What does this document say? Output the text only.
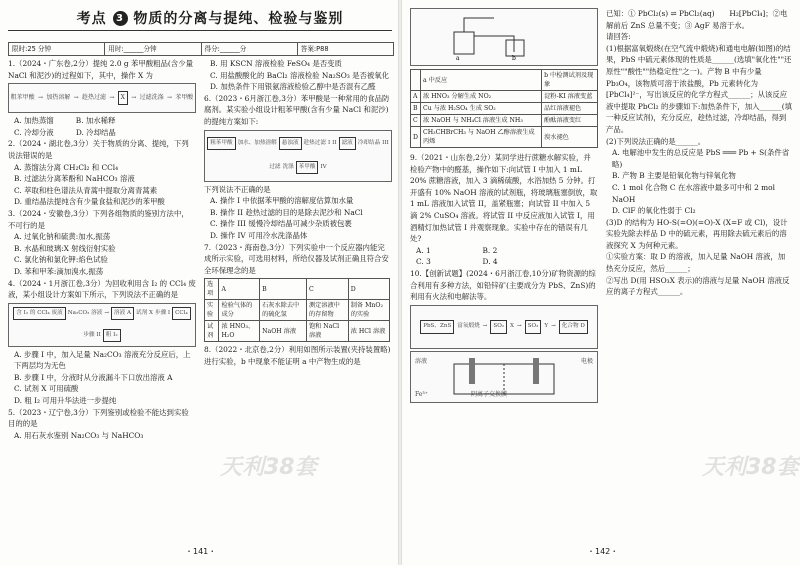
考点 3 物质的分离与提纯、检验与鉴别
限时:25 分钟	用时:______分钟	得分:______分	答案:P88

1.（2024・广东卷,2分）提纯 2.0 g 苯甲酸粗品(含少量 NaCl 和泥沙)的过程如下，其中，操作 X 为

粗苯甲酸 → 加热溶解 → 趁热过滤 →	X	→ 过滤洗涤 → 苯甲酸

A. 加热蒸馏　　　B. 加水稀释

C. 冷却分液　　　D. 冷却结晶

2.（2024・湖北卷,3分）关于物质的分离、提纯，下列说法错误的是

A. 蒸馏法分离 CH₂Cl₂ 和 CCl₄

B. 过滤法分离苯酚和 NaHCO₃ 溶液

C. 萃取和柱色谱法从青蒿中提取分离青蒿素

D. 重结晶法提纯含有少量食盐和泥沙的苯甲酸

3.（2024・安徽卷,3分）下列各组物质的鉴别方法中，不可行的是

A. 过氧化钠和硫黄:加水,振荡

B. 水晶和玻璃:X 射线衍射实验

C. 氯化钠和氯化钾:焰色试验

D. 苯和甲苯:滴加溴水,振荡

4.（2024・1月浙江卷,3分）为回收利用含 I₂ 的 CCl₄ 废液，某小组设计方案如下所示，下列说法不正确的是

含 I₂ 的 CCl₄ 废液 Na₂CO₃ 溶液 → 溶液 A 试剂 X 步骤 I CCl₄
步骤 II 粗 I₂

A. 步骤 I 中，加入足量 Na₂CO₃ 溶液充分反应后，上下两层均为无色

B. 步骤 I 中，分液时从分液漏斗下口放出溶液 A

C. 试剂 X 可用硫酸

D. 粗 I₂ 可用升华法进一步提纯

5.（2023・辽宁卷,3分）下列鉴别或检验不能达到实验目的的是

A. 用石灰水鉴别 Na₂CO₃ 与 NaHCO₃

B. 用 KSCN 溶液检验 FeSO₄ 是否变质

C. 用盐酸酸化的 BaCl₂ 溶液检验 Na₂SO₃ 是否被氧化

D. 加热条件下用银氨溶液检验乙醇中是否混有乙醛

6.（2023・6月浙江卷,3分）苯甲酸是一种常用的食品防腐剂。某实验小组设计粗苯甲酸(含有少量 NaCl 和泥沙)的提纯方案如下:

粗苯甲酸 加水、加热溶解 悬浊液 趁热过滤 I II 滤液 冷却结晶 III
过滤 洗涤 苯甲酸 IV

下列说法不正确的是

A. 操作 I 中依据苯甲酸的溶解度估算加水量

B. 操作 II 趁热过滤的目的是除去泥沙和 NaCl

C. 操作 III 缓慢冷却结晶可减少杂质被包裹

D. 操作 IV 可用冷水洗涤晶体

7.（2023・海南卷,3分）下列实验中一个反应器内能完成所示实验，可选用材料，所给仪器及试剂正确且符合安全环保理念的是

选项	A	B	C	D
实验	检验气体的成分	石灰水除去中的硫化氢	测定溶液中的存留物	制备 MnO₂ 的实验
试剂	浓 HNO₃、H₂O	NaOH 溶液	饱和 NaCl 溶液	浓 HCl 溶液

8.（2022・北京卷,2分）利用如图所示装置(夹持装置略)进行实验，b 中现象不能证明 a 中产物生成的是

天利38套
・141・
a	b
	a 中反应	b 中检测试剂及现象
A	浓 HNO₃ 分解生成 NO₂	淀粉-KI 溶液变蓝
B	Cu 与浓 H₂SO₄ 生成 SO₂	品红溶液褪色
C	浓 NaOH 与 NH₄Cl 溶液生成 NH₃	酚酞溶液变红
D	CH₃CHBrCH₃ 与 NaOH 乙醇溶液生成丙烯	溴水褪色

9.（2021・山东卷,2分）某同学进行蔗糖水解实验，并检验产物中的醛基，操作如下:向试管 I 中加入 1 mL 20% 蔗糖溶液，加入 3 滴稀硫酸，水浴加热 5 分钟。打开盛有 10% NaOH 溶液的试剂瓶，将玻璃瓶塞倒放，取 1 mL 溶液加入试管 II，盖紧瓶塞；向试管 II 中加入 5 滴 2% CuSO₄ 溶液。将试管 II 中反应液加入试管 I，用酒精灯加热试管 I 并观察现象。实验中存在的错误有几处?

A. 1　　　　　　　B. 2

C. 3　　　　　　　D. 4

10.【创新试题】(2024・6月浙江卷,10分)矿物资源的综合利用有多种方法，如铅锌矿(主要成分为 PbS、ZnS)的利用有火法和电解法等。

PbS、ZnS	富氧煅烧 →	SO₂	X →	SO₃	Y →	化合物 D
溶液	电极
阴离子交换膜
Fe³⁺

已知：① PbCl₂(s) ⇌ PbCl₂(aq)　　H₂[PbCl₄]；②电解前后 ZnS 总量不变；③ AgF 易溶于水。

请回答:

(1)根据富氧煅烧(在空气流中煅烧)和通电电解(如图)的结果，PbS 中硫元素体现的性质是______(选填"氧化性""还原性""酸性""热稳定性"之一)。产物 B 中有少量 Pb₃O₄，该物质可溶于浓盐酸，Pb 元素转化为[PbCl₄]²⁻，写出该反应的化学方程式______；从该反应液中提取 PbCl₂ 的步骤如下:加热条件下，加入______(填一种反应试剂)，充分反应，趁热过滤，冷却结晶，得到产品。

(2)下列说法正确的是______。

A. 电解池中发生的总反应是 PbS ═══ Pb + S(条件省略)

B. 产物 B 主要是铅氧化物与锌氧化物

C. 1 mol 化合物 C 在水溶液中最多可中和 2 mol NaOH

D. ClF 的氧化性弱于 Cl₂

(3)D 的结构为 HO-S(=O)(=O)-X (X=F 或 Cl)，设计实验先除去样品 D 中的硫元素，再用除去硫元素后的溶液探究 X 为何种元素。

①实验方案：取 D 的溶液，加入足量 NaOH 溶液，加热充分反应，然后______；

②写出 D(用 HSO₃X 表示)的溶液与足量 NaOH 溶液反应的离子方程式______。

天利38套
・142・
